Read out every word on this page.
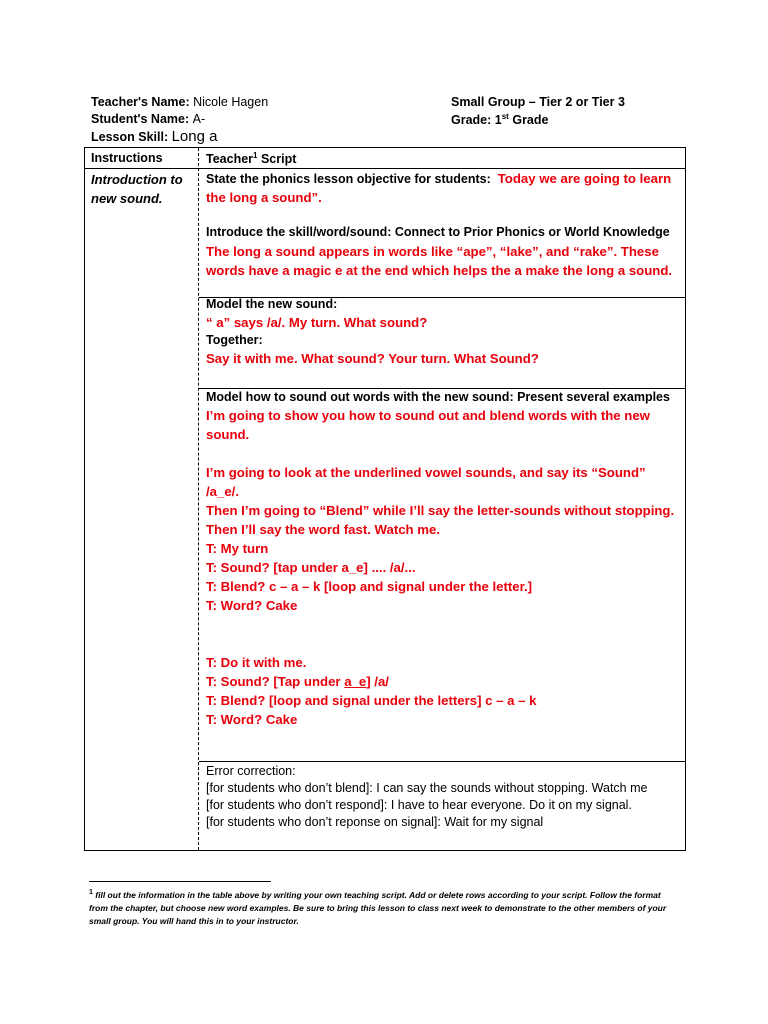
Teacher's Name: Nicole Hagen
Student's Name: A-
Lesson Skill: Long a
Small Group – Tier 2 or Tier 3
Grade: 1st Grade
Instructions	Teacher$^1$ Script
Introduction to
new sound.
State the phonics lesson objective for students: Today we are going to learn
the long a sound”.
Introduce the skill/word/sound: Connect to Prior Phonics or World Knowledge
The long a sound appears in words like “ape”, “lake”, and “rake”. These
words have a magic e at the end which helps the a make the long a sound.
Model the new sound:
“ a” says /a/. My turn. What sound?
Together:
Say it with me. What sound? Your turn. What Sound?
Model how to sound out words with the new sound: Present several examples
I’m going to show you how to sound out and blend words with the new
sound.
I’m going to look at the underlined vowel sounds, and say its “Sound”
/a_e/.
Then I’m going to “Blend” while I’ll say the letter-sounds without stopping.
Then I’ll say the word fast. Watch me.
T: My turn
T: Sound? [tap under a_e] .... /a/...
T: Blend? c – a – k [loop and signal under the letter.]
T: Word? Cake
T: Do it with me.
T: Sound? [Tap under a_e] /a/
T: Blend? [loop and signal under the letters] c – a – k
T: Word? Cake
Error correction:
[for students who don’t blend]: I can say the sounds without stopping. Watch me
[for students who don’t respond]: I have to hear everyone. Do it on my signal.
[for students who don’t reponse on signal]: Wait for my signal
$^1$ fill out the information in the table above by writing your own teaching script. Add or delete rows according to your script. Follow the format from the chapter, but choose new word examples. Be sure to bring this lesson to class next week to demonstrate to the other members of your small group. You will hand this in to your instructor.
